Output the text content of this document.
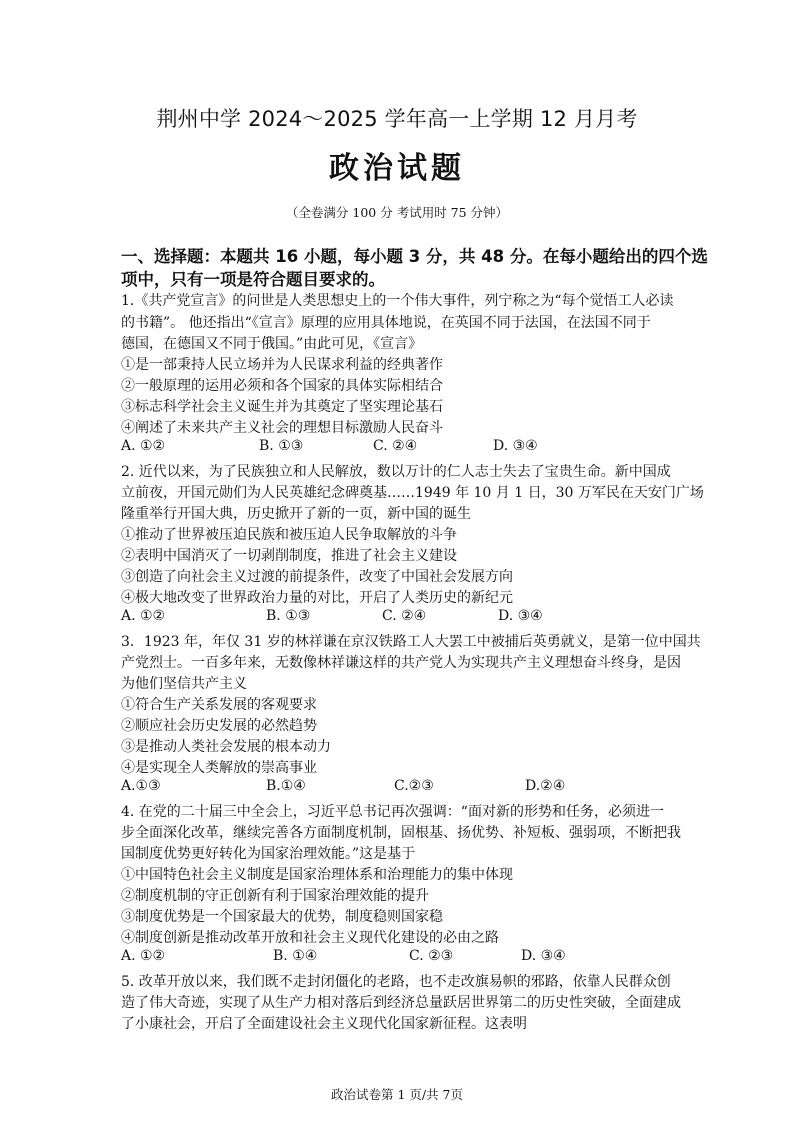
荆州中学 2024～2025 学年高一上学期 12 月月考
政治试题
（全卷满分 100 分 考试用时 75 分钟）
一、选择题：本题共 16 小题，每小题 3 分，共 48 分。在每小题给出的四个选
项中，只有一项是符合题目要求的。
1.《共产党宣言》的问世是人类思想史上的一个伟大事件，列宁称之为“每个觉悟工人必读
的书籍”。 他还指出“《宣言》原理的应用具体地说，在英国不同于法国，在法国不同于
德国，在德国又不同于俄国。”由此可见，《宣言》
①是一部秉持人民立场并为人民谋求利益的经典著作
②一般原理的运用必须和各个国家的具体实际相结合
③标志科学社会主义诞生并为其奠定了坚实理论基石
④阐述了未来共产主义社会的理想目标激励人民奋斗
A. ①②	B. ①③	C. ②④	D. ③④
2. 近代以来，为了民族独立和人民解放，数以万计的仁人志士失去了宝贵生命。新中国成
立前夜，开国元勋们为人民英雄纪念碑奠基……1949 年 10 月 1 日，30 万军民在天安门广场
隆重举行开国大典，历史掀开了新的一页，新中国的诞生
①推动了世界被压迫民族和被压迫人民争取解放的斗争
②表明中国消灭了一切剥削制度，推进了社会主义建设
③创造了向社会主义过渡的前提条件，改变了中国社会发展方向
④极大地改变了世界政治力量的对比，开启了人类历史的新纪元
A. ①②	B. ①③	C. ②④	D. ③④
3．1923 年，年仅 31 岁的林祥谦在京汉铁路工人大罢工中被捕后英勇就义，是第一位中国共
产党烈士。一百多年来，无数像林祥谦这样的共产党人为实现共产主义理想奋斗终身，是因
为他们坚信共产主义
①符合生产关系发展的客观要求
②顺应社会历史发展的必然趋势
③是推动人类社会发展的根本动力
④是实现全人类解放的崇高事业
A.①③	B.①④	C.②③	D.②④
4. 在党的二十届三中全会上，习近平总书记再次强调：“面对新的形势和任务，必须进一
步全面深化改革，继续完善各方面制度机制，固根基、扬优势、补短板、强弱项，不断把我
国制度优势更好转化为国家治理效能。”这是基于
①中国特色社会主义制度是国家治理体系和治理能力的集中体现
②制度机制的守正创新有利于国家治理效能的提升
③制度优势是一个国家最大的优势，制度稳则国家稳
④制度创新是推动改革开放和社会主义现代化建设的必由之路
A. ①②	B. ①④	C. ②③	D. ③④
5. 改革开放以来，我们既不走封闭僵化的老路，也不走改旗易帜的邪路，依靠人民群众创
造了伟大奇迹，实现了从生产力相对落后到经济总量跃居世界第二的历史性突破，全面建成
了小康社会，开启了全面建设社会主义现代化国家新征程。这表明
政治试卷第 1 页/共 7页
